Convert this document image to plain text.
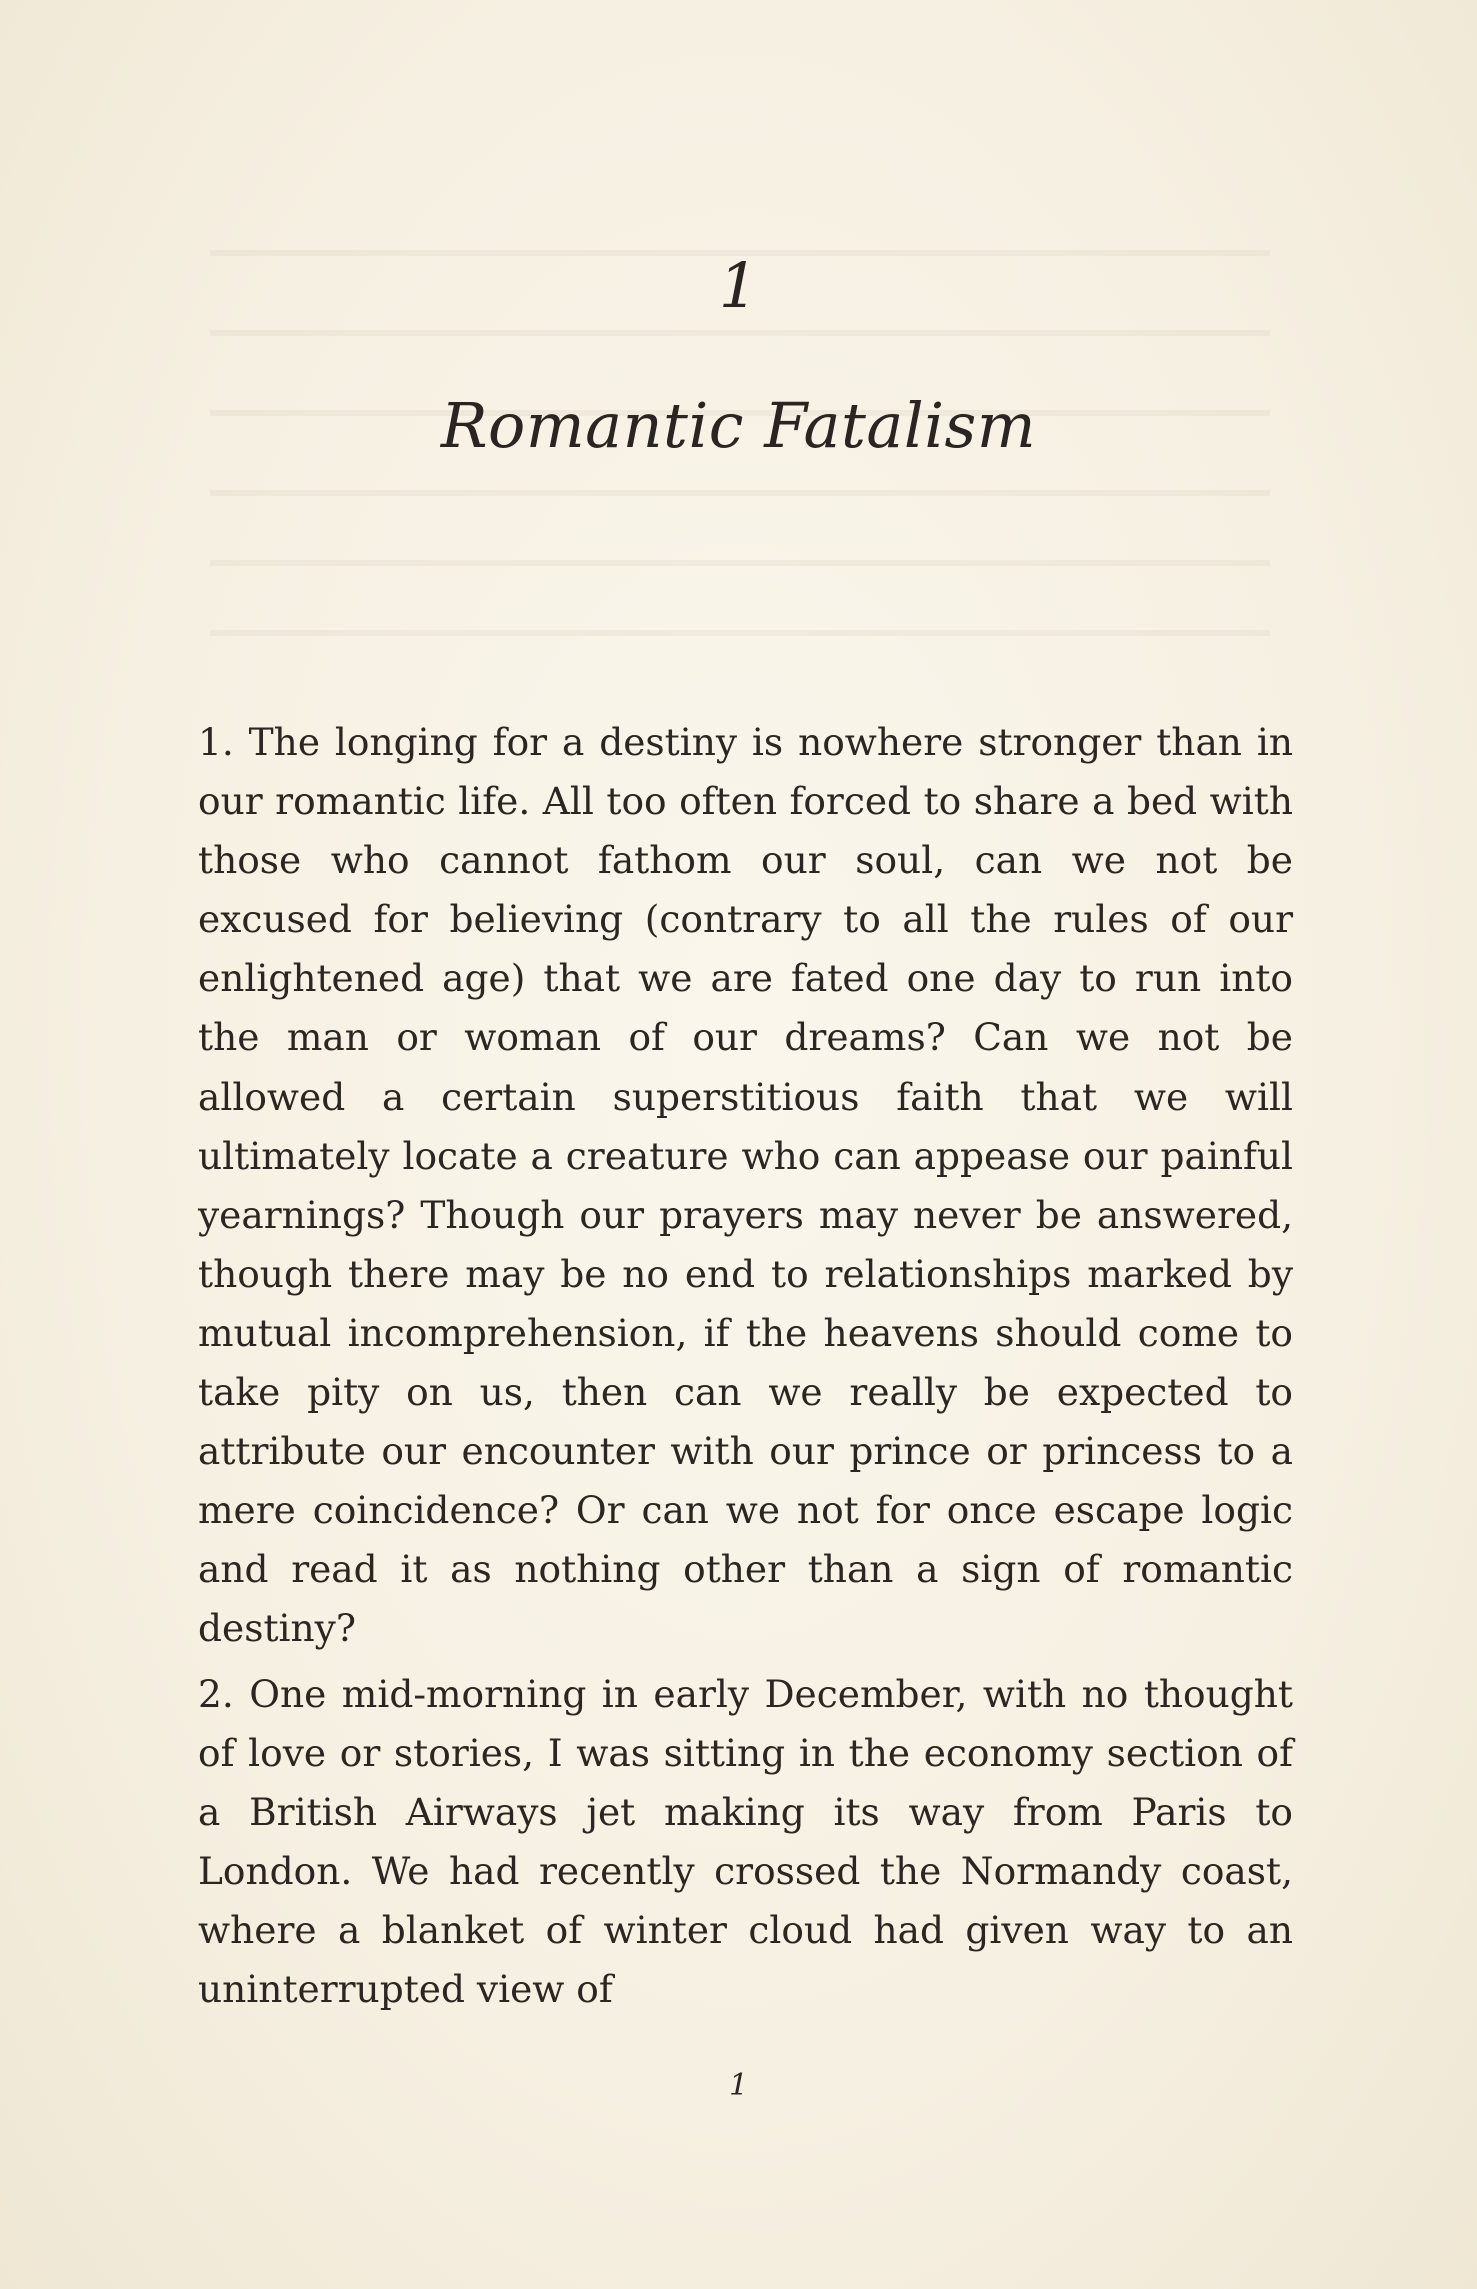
1
Romantic Fatalism

1. The longing for a destiny is nowhere stronger than in our romantic life. All too often forced to share a bed with those who cannot fathom our soul, can we not be excused for believing (contrary to all the rules of our enlightened age) that we are fated one day to run into the man or woman of our dreams? Can we not be allowed a certain superstitious faith that we will ultimately locate a creature who can appease our painful yearnings? Though our prayers may never be answered, though there may be no end to relationships marked by mutual incomprehension, if the heavens should come to take pity on us, then can we really be expected to attribute our encounter with our prince or princess to a mere coincidence? Or can we not for once escape logic and read it as nothing other than a sign of romantic destiny?

2. One mid-morning in early December, with no thought of love or stories, I was sitting in the economy section of a British Airways jet making its way from Paris to London. We had recently crossed the Normandy coast, where a blanket of winter cloud had given way to an uninterrupted view of

1
